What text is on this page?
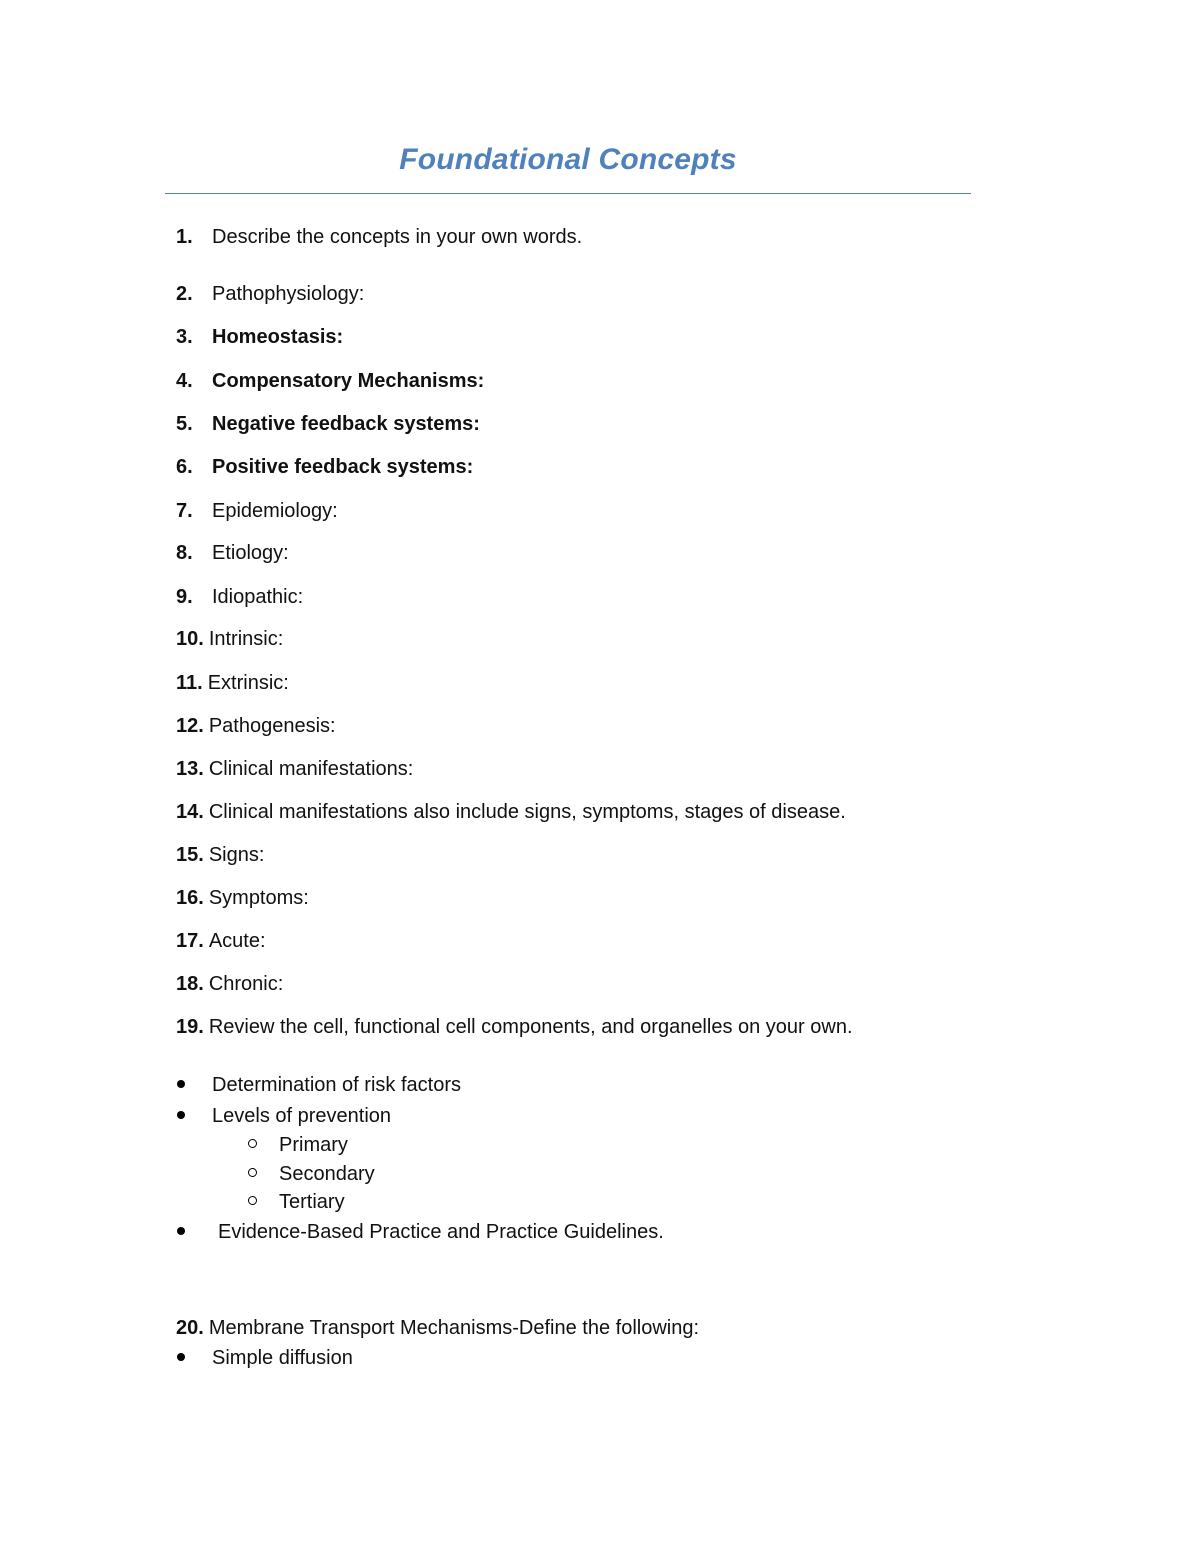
Foundational Concepts
1. Describe the concepts in your own words.
2. Pathophysiology:
3. Homeostasis:
4. Compensatory Mechanisms:
5. Negative feedback systems:
6. Positive feedback systems:
7. Epidemiology:
8. Etiology:
9. Idiopathic:
10. Intrinsic:
11. Extrinsic:
12. Pathogenesis:
13. Clinical manifestations:
14. Clinical manifestations also include signs, symptoms, stages of disease.
15. Signs:
16. Symptoms:
17. Acute:
18. Chronic:
19. Review the cell, functional cell components, and organelles on your own.
Determination of risk factors
Levels of prevention
Primary
Secondary
Tertiary
Evidence-Based Practice and Practice Guidelines.
20. Membrane Transport Mechanisms-Define the following:
Simple diffusion
